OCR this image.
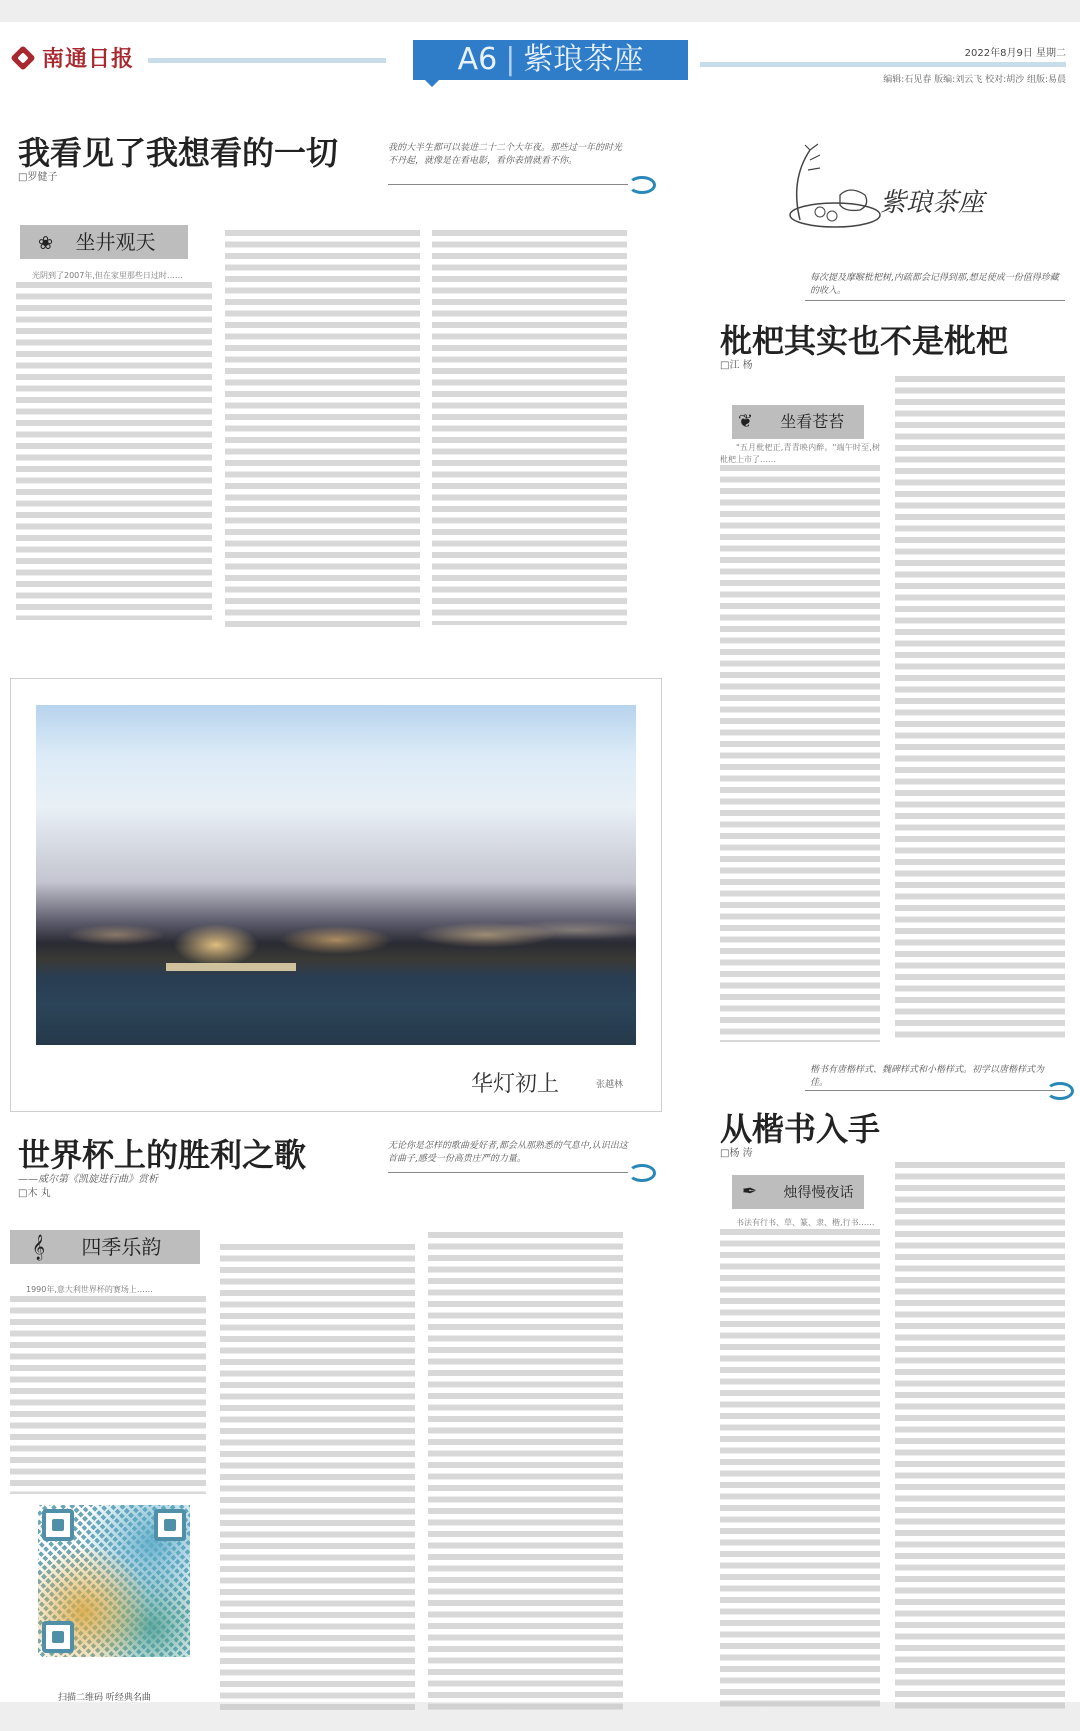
南通日报	A6 | 紫琅茶座	2022年8月9日 星期二
编辑:石见春 版编:刘云飞 校对:胡沙 组版:易晨
我看见了我想看的一切
□罗健子
我的大半生都可以装进二十二个大年夜。那些过一年的时光不丹起，就像是在看电影，看你表情就看不你。
❀ 坐井观天

光阴到了2007年,但在家里那些日过时……

华灯初上	张越林
世界杯上的胜利之歌
——威尔第《凯旋进行曲》赏析
□木 丸
无论你是怎样的歌曲爱好者,都会从那熟悉的气息中,认识出这首曲子,感受一份高贵庄严的力量。
𝄞 四季乐韵

1990年,意大利世界杯的赛场上……

扫描二维码 听经典名曲
紫琅茶座
每次提及摩睺枇杷树,内疏都会记得到那,想足使成一份值得珍藏的收入。
枇杷其实也不是枇杷
□江 杨
❦ 坐看苍苔

"五月枇杷正,青青映内醉。"端午时至,树枇杷上市了……

楷书有唐楷样式、魏碑样式和小楷样式。初学以唐楷样式为佳。
从楷书入手
□杨 涛
✒ 烛得慢夜话

书法有行书、草、篆、隶、楷,行书……
